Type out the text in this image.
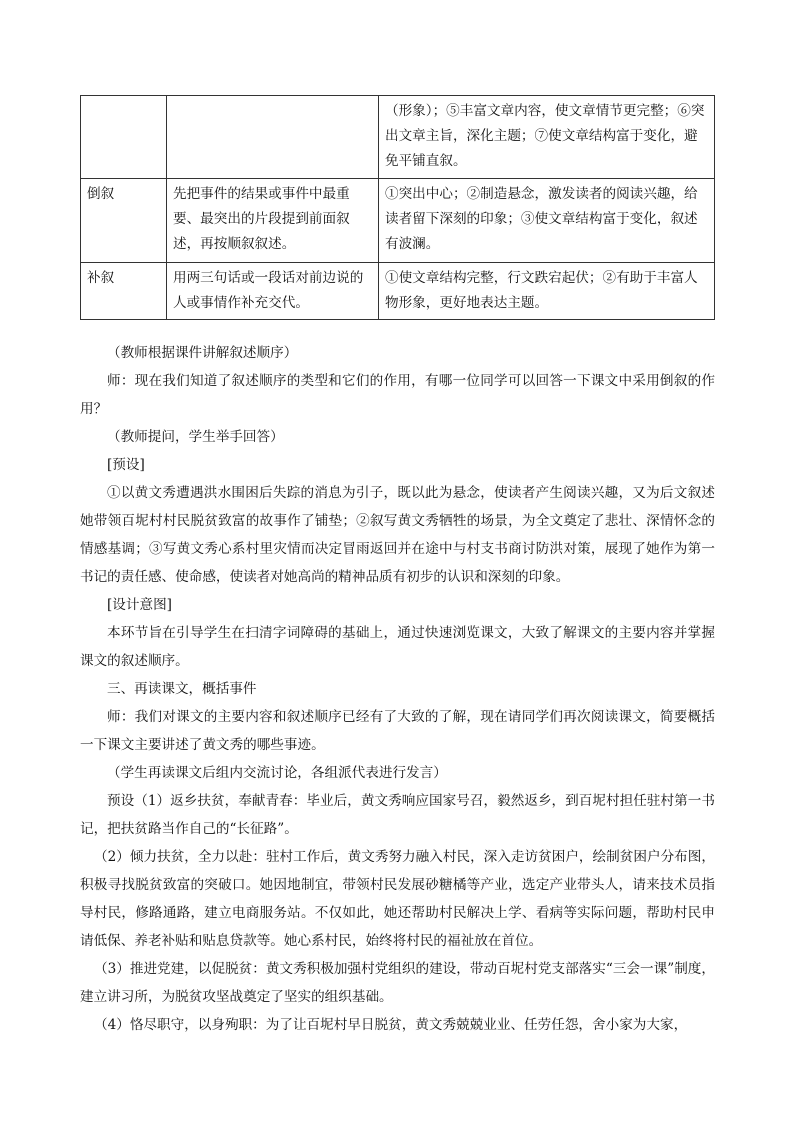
		（形象）；⑤丰富文章内容，使文章情节更完整；⑥突出文章主旨，深化主题；⑦使文章结构富于变化，避免平铺直叙。
倒叙	先把事件的结果或事件中最重要、最突出的片段提到前面叙述，再按顺叙叙述。	①突出中心；②制造悬念，激发读者的阅读兴趣，给读者留下深刻的印象；③使文章结构富于变化，叙述有波澜。
补叙	用两三句话或一段话对前边说的人或事情作补充交代。	①使文章结构完整，行文跌宕起伏；②有助于丰富人物形象，更好地表达主题。
（教师根据课件讲解叙述顺序）
师：现在我们知道了叙述顺序的类型和它们的作用，有哪一位同学可以回答一下课文中采用倒叙的作用？
（教师提问，学生举手回答）
[预设]
①以黄文秀遭遇洪水围困后失踪的消息为引子，既以此为悬念，使读者产生阅读兴趣，又为后文叙述她带领百坭村村民脱贫致富的故事作了铺垫；②叙写黄文秀牺牲的场景，为全文奠定了悲壮、深情怀念的情感基调；③写黄文秀心系村里灾情而决定冒雨返回并在途中与村支书商讨防洪对策，展现了她作为第一书记的责任感、使命感，使读者对她高尚的精神品质有初步的认识和深刻的印象。
[设计意图]
本环节旨在引导学生在扫清字词障碍的基础上，通过快速浏览课文，大致了解课文的主要内容并掌握课文的叙述顺序。
三、再读课文，概括事件
师：我们对课文的主要内容和叙述顺序已经有了大致的了解，现在请同学们再次阅读课文，简要概括一下课文主要讲述了黄文秀的哪些事迹。
（学生再读课文后组内交流讨论，各组派代表进行发言）
预设（1）返乡扶贫，奉献青春：毕业后，黄文秀响应国家号召，毅然返乡，到百坭村担任驻村第一书记，把扶贫路当作自己的“长征路”。
（2）倾力扶贫，全力以赴：驻村工作后，黄文秀努力融入村民，深入走访贫困户，绘制贫困户分布图，积极寻找脱贫致富的突破口。她因地制宜，带领村民发展砂糖橘等产业，选定产业带头人，请来技术员指导村民，修路通路，建立电商服务站。不仅如此，她还帮助村民解决上学、看病等实际问题，帮助村民申请低保、养老补贴和贴息贷款等。她心系村民，始终将村民的福祉放在首位。
（3）推进党建，以促脱贫：黄文秀积极加强村党组织的建设，带动百坭村党支部落实“三会一课”制度，建立讲习所，为脱贫攻坚战奠定了坚实的组织基础。
（4）恪尽职守，以身殉职：为了让百坭村早日脱贫，黄文秀兢兢业业、任劳任怨，舍小家为大家，
